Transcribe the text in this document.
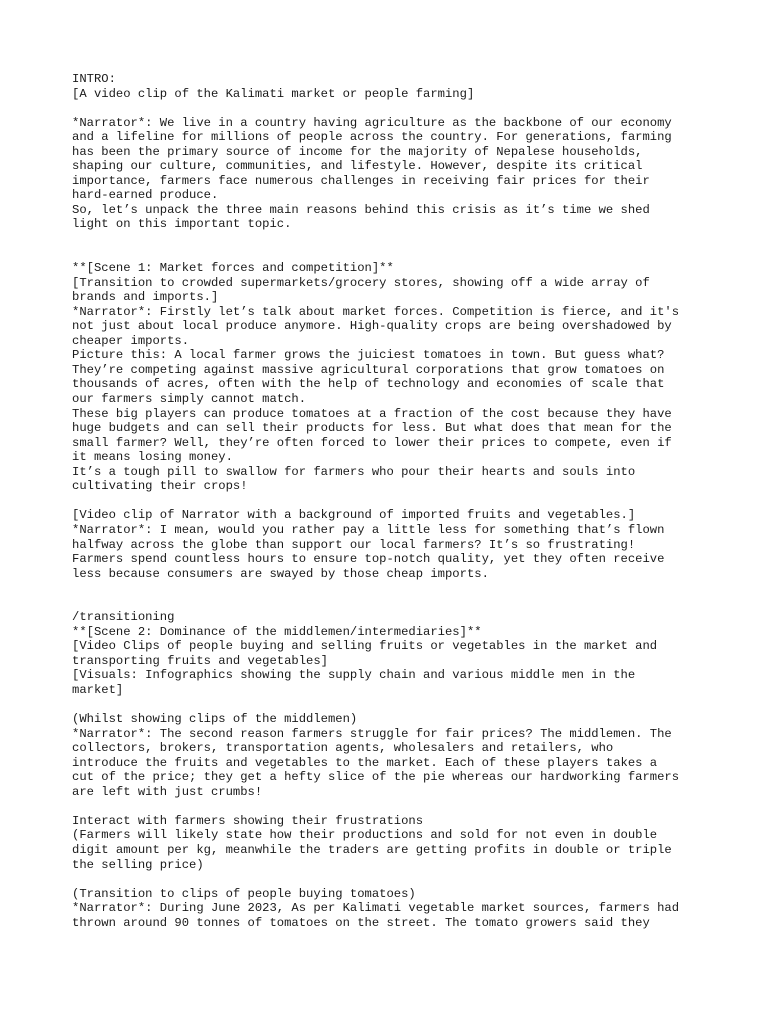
INTRO:
[A video clip of the Kalimati market or people farming]
*Narrator*: We live in a country having agriculture as the backbone of our economy
and a lifeline for millions of people across the country. For generations, farming
has been the primary source of income for the majority of Nepalese households,
shaping our culture, communities, and lifestyle. However, despite its critical
importance, farmers face numerous challenges in receiving fair prices for their
hard-earned produce.
So, let’s unpack the three main reasons behind this crisis as it’s time we shed
light on this important topic.
**[Scene 1: Market forces and competition]**
[Transition to crowded supermarkets/grocery stores, showing off a wide array of
brands and imports.]
*Narrator*: Firstly let’s talk about market forces. Competition is fierce, and it's
not just about local produce anymore. High-quality crops are being overshadowed by
cheaper imports.
Picture this: A local farmer grows the juiciest tomatoes in town. But guess what?
They’re competing against massive agricultural corporations that grow tomatoes on
thousands of acres, often with the help of technology and economies of scale that
our farmers simply cannot match.
These big players can produce tomatoes at a fraction of the cost because they have
huge budgets and can sell their products for less. But what does that mean for the
small farmer? Well, they’re often forced to lower their prices to compete, even if
it means losing money.
It’s a tough pill to swallow for farmers who pour their hearts and souls into
cultivating their crops!
[Video clip of Narrator with a background of imported fruits and vegetables.]
*Narrator*: I mean, would you rather pay a little less for something that’s flown
halfway across the globe than support our local farmers? It’s so frustrating!
Farmers spend countless hours to ensure top-notch quality, yet they often receive
less because consumers are swayed by those cheap imports.
/transitioning
**[Scene 2: Dominance of the middlemen/intermediaries]**
[Video Clips of people buying and selling fruits or vegetables in the market and
transporting fruits and vegetables]
[Visuals: Infographics showing the supply chain and various middle men in the
market]
(Whilst showing clips of the middlemen)
*Narrator*: The second reason farmers struggle for fair prices? The middlemen. The
collectors, brokers, transportation agents, wholesalers and retailers, who
introduce the fruits and vegetables to the market. Each of these players takes a
cut of the price; they get a hefty slice of the pie whereas our hardworking farmers
are left with just crumbs!
Interact with farmers showing their frustrations
(Farmers will likely state how their productions and sold for not even in double
digit amount per kg, meanwhile the traders are getting profits in double or triple
the selling price)
(Transition to clips of people buying tomatoes)
*Narrator*: During June 2023, As per Kalimati vegetable market sources, farmers had
thrown around 90 tonnes of tomatoes on the street. The tomato growers said they
